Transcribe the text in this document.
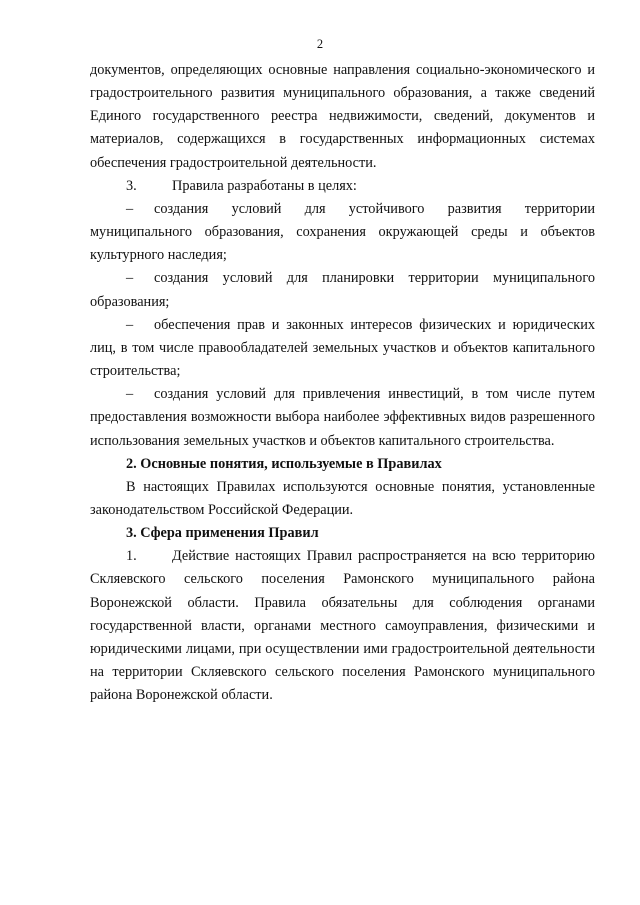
2

документов, определяющих основные направления социально-экономического и градостроительного развития муниципального образования, а также сведений Единого государственного реестра недвижимости, сведений, документов и материалов, содержащихся в государственных информационных системах обеспечения градостроительной деятельности.

3. Правила разработаны в целях:

– создания условий для устойчивого развития территории муниципального образования, сохранения окружающей среды и объектов культурного наследия;

– создания условий для планировки территории муниципального образования;

– обеспечения прав и законных интересов физических и юридических лиц, в том числе правообладателей земельных участков и объектов капитального строительства;

– создания условий для привлечения инвестиций, в том числе путем предоставления возможности выбора наиболее эффективных видов разрешенного использования земельных участков и объектов капитального строительства.

2. Основные понятия, используемые в Правилах

В настоящих Правилах используются основные понятия, установленные законодательством Российской Федерации.

3. Сфера применения Правил

1. Действие настоящих Правил распространяется на всю территорию Скляевского сельского поселения Рамонского муниципального района Воронежской области. Правила обязательны для соблюдения органами государственной власти, органами местного самоуправления, физическими и юридическими лицами, при осуществлении ими градостроительной деятельности на территории Скляевского сельского поселения Рамонского муниципального района Воронежской области.
